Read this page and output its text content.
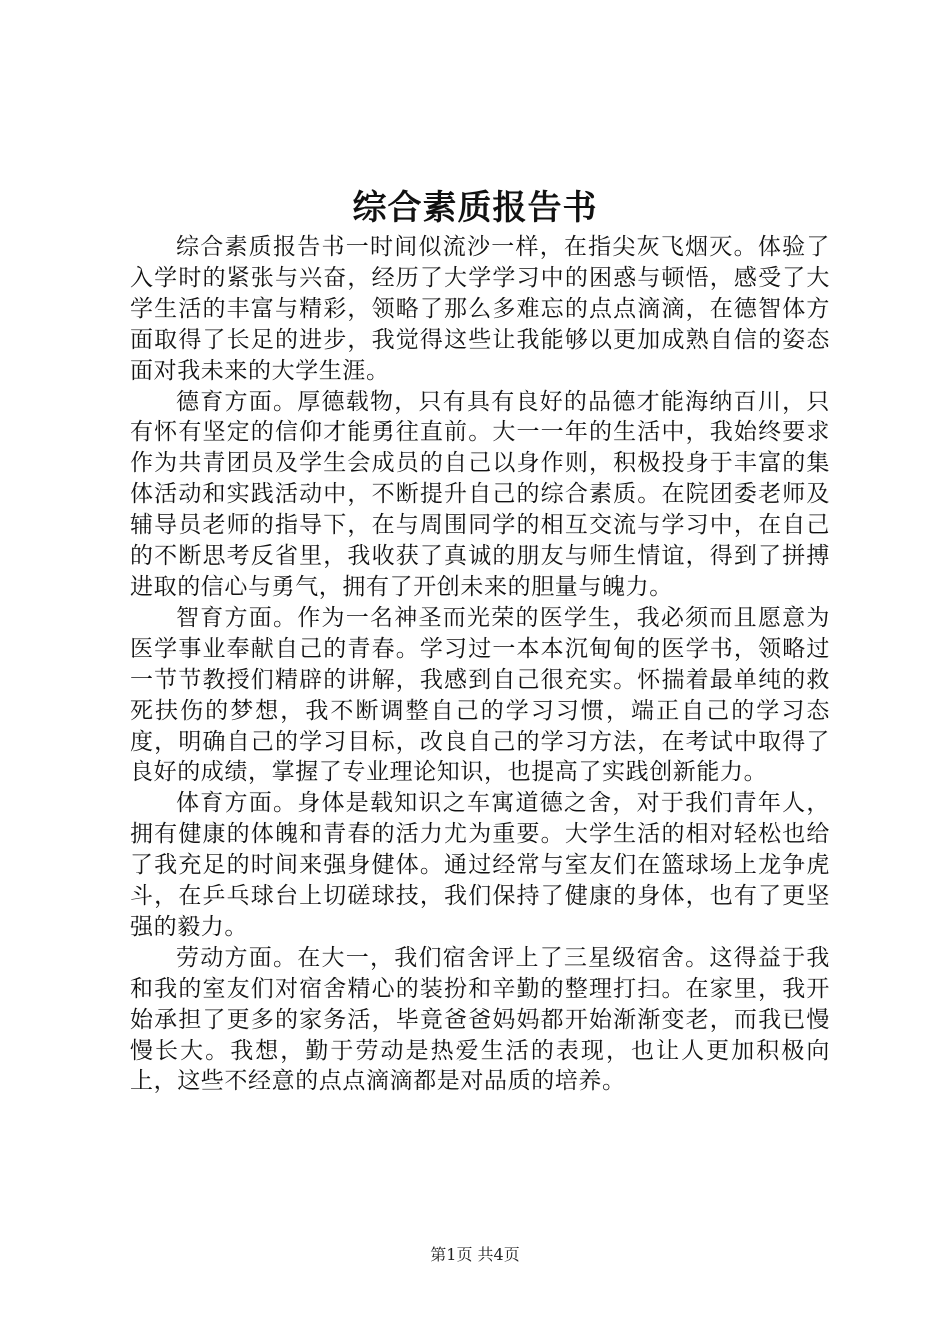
综合素质报告书

综合素质报告书一时间似流沙一样，在指尖灰飞烟灭。体验了入学时的紧张与兴奋，经历了大学学习中的困惑与顿悟，感受了大学生活的丰富与精彩，领略了那么多难忘的点点滴滴，在德智体方面取得了长足的进步，我觉得这些让我能够以更加成熟自信的姿态面对我未来的大学生涯。

德育方面。厚德载物，只有具有良好的品德才能海纳百川，只有怀有坚定的信仰才能勇往直前。大一一年的生活中，我始终要求作为共青团员及学生会成员的自己以身作则，积极投身于丰富的集体活动和实践活动中，不断提升自己的综合素质。在院团委老师及辅导员老师的指导下，在与周围同学的相互交流与学习中，在自己的不断思考反省里，我收获了真诚的朋友与师生情谊，得到了拼搏进取的信心与勇气，拥有了开创未来的胆量与魄力。

智育方面。作为一名神圣而光荣的医学生，我必须而且愿意为医学事业奉献自己的青春。学习过一本本沉甸甸的医学书，领略过一节节教授们精辟的讲解，我感到自己很充实。怀揣着最单纯的救死扶伤的梦想，我不断调整自己的学习习惯，端正自己的学习态度，明确自己的学习目标，改良自己的学习方法，在考试中取得了良好的成绩，掌握了专业理论知识，也提高了实践创新能力。

体育方面。身体是载知识之车寓道德之舍，对于我们青年人，拥有健康的体魄和青春的活力尤为重要。大学生活的相对轻松也给了我充足的时间来强身健体。通过经常与室友们在篮球场上龙争虎斗，在乒乓球台上切磋球技，我们保持了健康的身体，也有了更坚强的毅力。

劳动方面。在大一，我们宿舍评上了三星级宿舍。这得益于我和我的室友们对宿舍精心的装扮和辛勤的整理打扫。在家里，我开始承担了更多的家务活，毕竟爸爸妈妈都开始渐渐变老，而我已慢慢长大。我想，勤于劳动是热爱生活的表现，也让人更加积极向上，这些不经意的点点滴滴都是对品质的培养。

第1页 共4页
